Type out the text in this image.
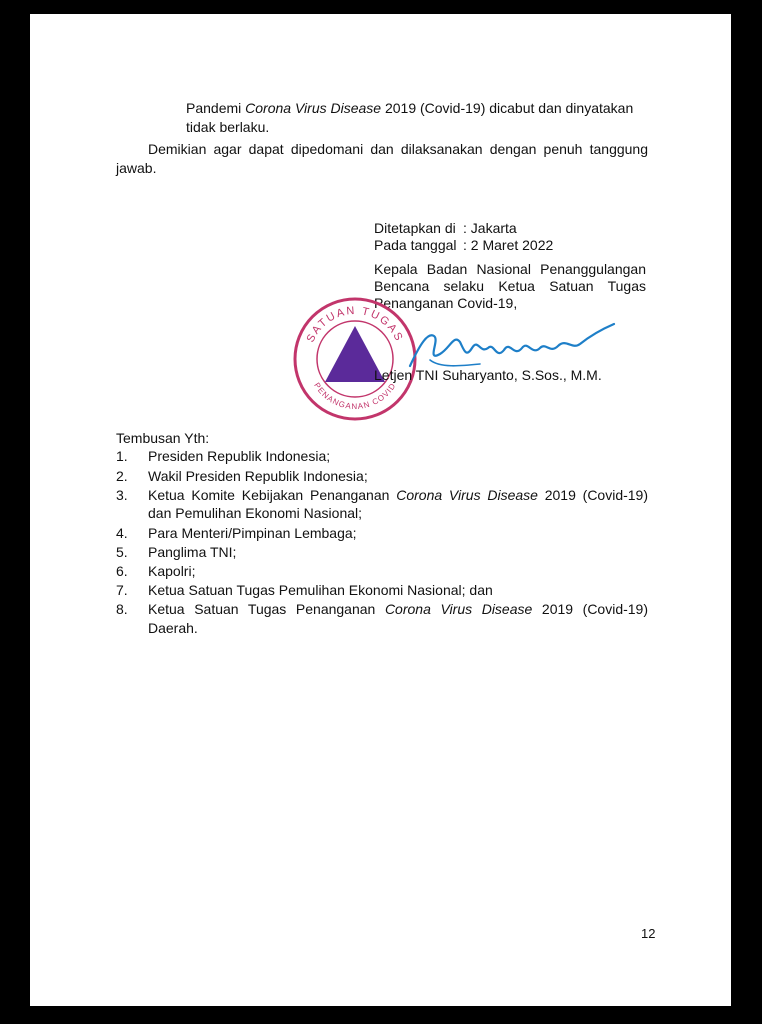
Pandemi Corona Virus Disease 2019 (Covid-19) dicabut dan dinyatakan
tidak berlaku.
Demikian agar dapat dipedomani dan dilaksanakan dengan penuh tanggung
jawab.
Ditetapkan di : Jakarta
Pada tanggal : 2 Maret 2022
Kepala Badan Nasional Penanggulangan
Bencana selaku Ketua Satuan Tugas
Penanganan Covid-19,
SATUAN TUGAS
PENANGANAN COVID
Letjen TNI Suharyanto, S.Sos., M.M.
Tembusan Yth:
1. Presiden Republik Indonesia;
2. Wakil Presiden Republik Indonesia;
3. Ketua Komite Kebijakan Penanganan Corona Virus Disease 2019 (Covid-19)
dan Pemulihan Ekonomi Nasional;
4. Para Menteri/Pimpinan Lembaga;
5. Panglima TNI;
6. Kapolri;
7. Ketua Satuan Tugas Pemulihan Ekonomi Nasional; dan
8. Ketua Satuan Tugas Penanganan Corona Virus Disease 2019 (Covid-19)
Daerah.
12
